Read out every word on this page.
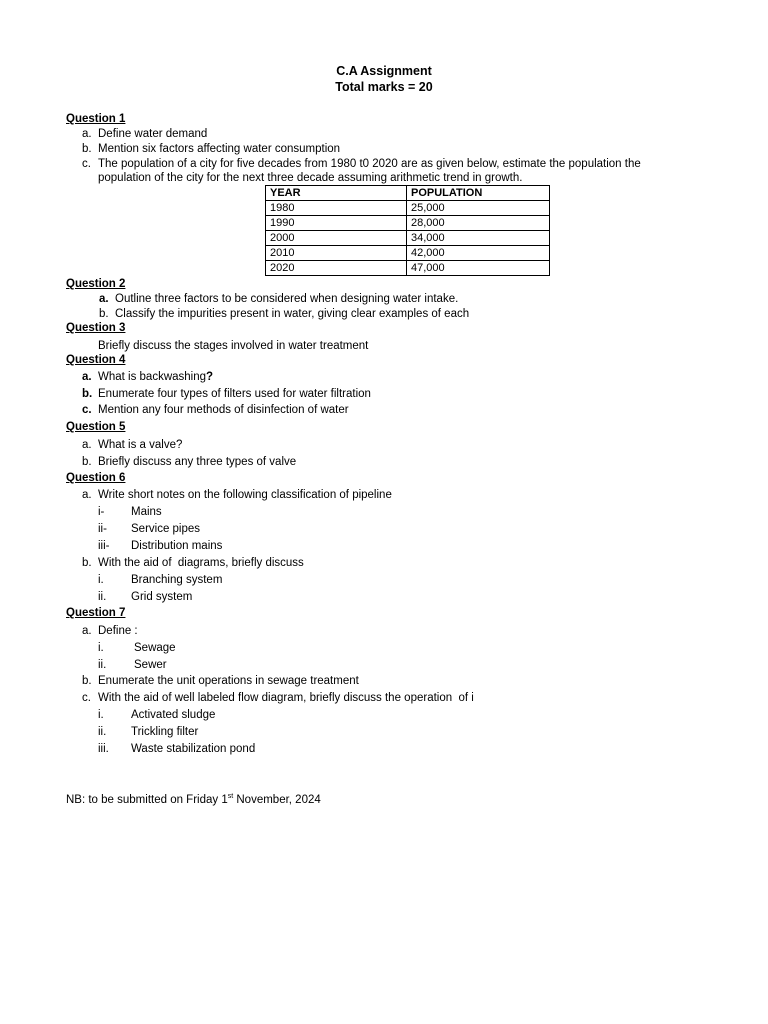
C.A Assignment
Total marks = 20
Question 1
a. Define water demand
b. Mention six factors affecting water consumption
c. The population of a city for five decades from 1980 t0 2020 are as given below, estimate the population the
population of the city for the next three decade assuming arithmetic trend in growth.
YEAR	POPULATION
1980	25,000
1990	28,000
2000	34,000
2010	42,000
2020	47,000
Question 2
a. Outline three factors to be considered when designing water intake.
b. Classify the impurities present in water, giving clear examples of each
Question 3
Briefly discuss the stages involved in water treatment
Question 4
a. What is backwashing?
b. Enumerate four types of filters used for water filtration
c. Mention any four methods of disinfection of water
Question 5
a. What is a valve?
b. Briefly discuss any three types of valve
Question 6
a. Write short notes on the following classification of pipeline
i- Mains
ii- Service pipes
iii- Distribution mains
b. With the aid of  diagrams, briefly discuss
i. Branching system
ii. Grid system
Question 7
a. Define :
i.	Sewage
ii. Sewer
b. Enumerate the unit operations in sewage treatment
c. With the aid of well labeled flow diagram, briefly discuss the operation  of i
i. Activated sludge
ii. Trickling filter
iii. Waste stabilization pond
NB: to be submitted on Friday 1st November, 2024
